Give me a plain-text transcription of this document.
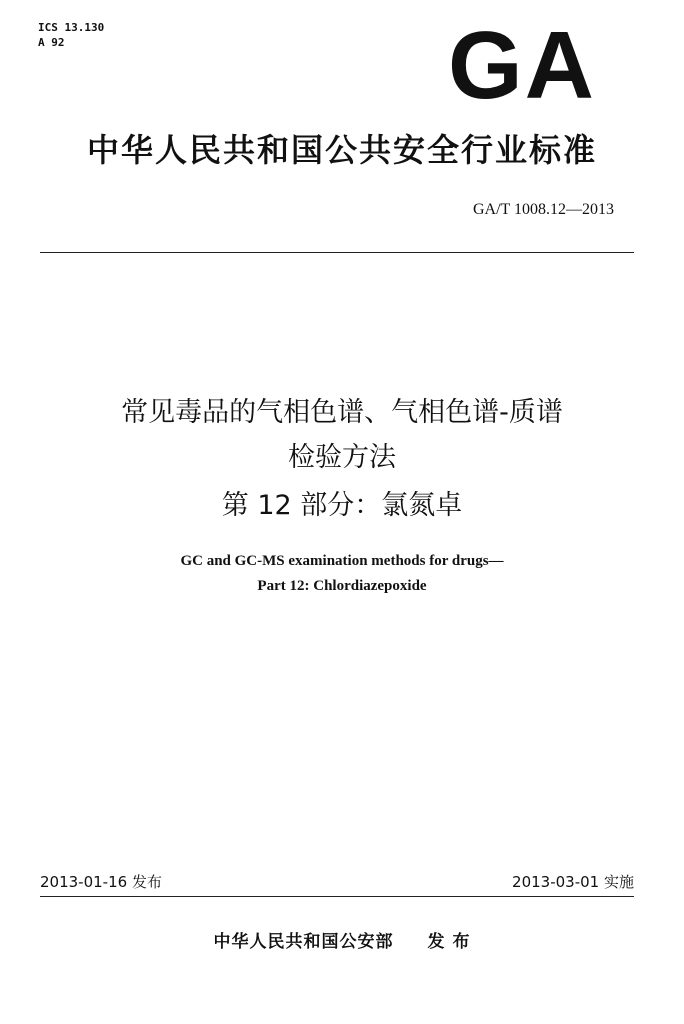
ICS 13.130
A 92	GA
中华人民共和国公共安全行业标准
GA/T 1008.12—2013
常见毒品的气相色谱、气相色谱-质谱
检验方法
第 12 部分：氯氮卓
GC and GC-MS examination methods for drugs—
Part 12: Chlordiazepoxide
2013-01-16 发布	2013-03-01 实施
中华人民共和国公安部 发 布
